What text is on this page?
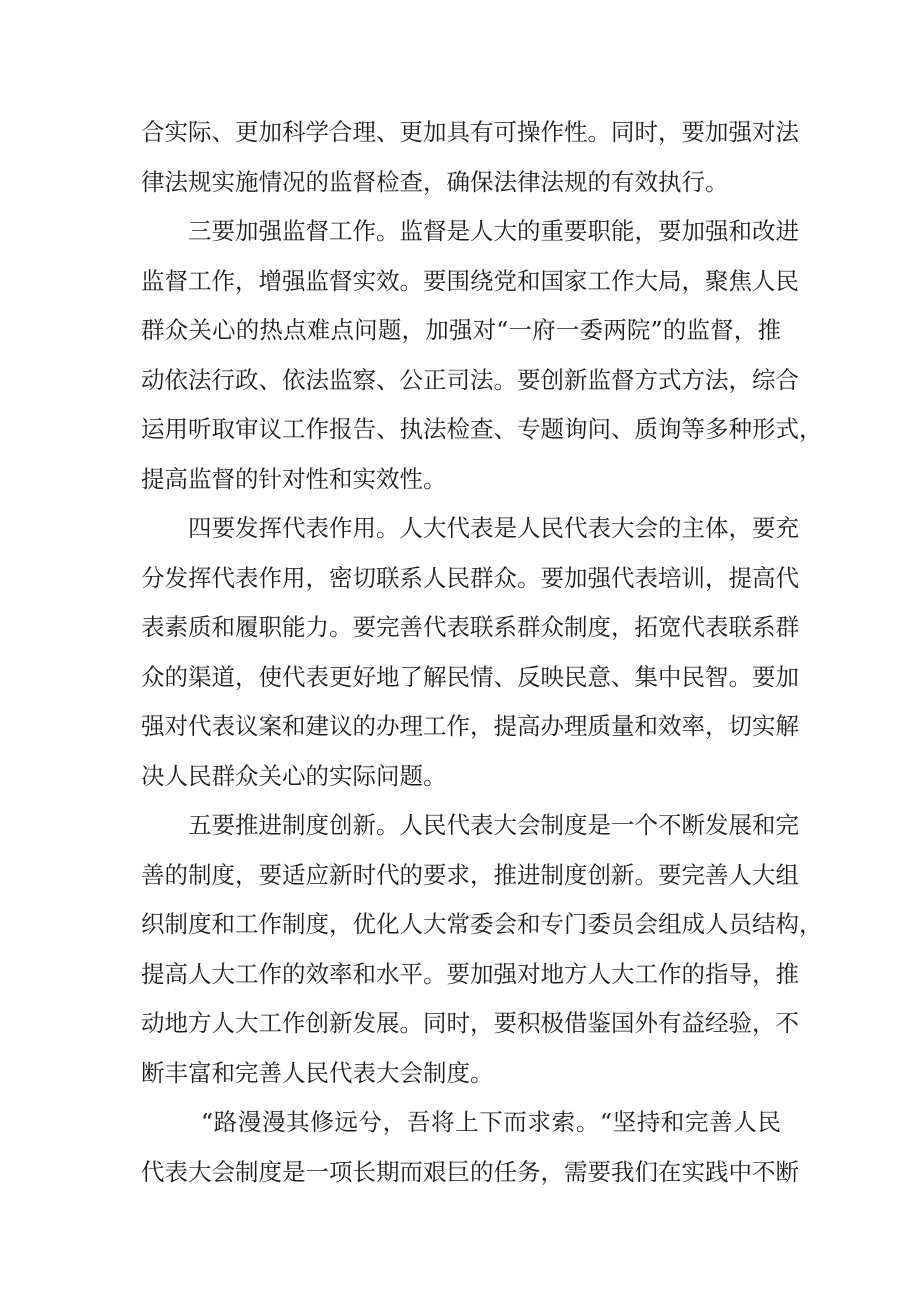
合实际、更加科学合理、更加具有可操作性。同时，要加强对法
律法规实施情况的监督检查，确保法律法规的有效执行。
三要加强监督工作。监督是人大的重要职能，要加强和改进
监督工作，增强监督实效。要围绕党和国家工作大局，聚焦人民
群众关心的热点难点问题，加强对“一府一委两院”的监督，推
动依法行政、依法监察、公正司法。要创新监督方式方法，综合
运用听取审议工作报告、执法检查、专题询问、质询等多种形式，
提高监督的针对性和实效性。
四要发挥代表作用。人大代表是人民代表大会的主体，要充
分发挥代表作用，密切联系人民群众。要加强代表培训，提高代
表素质和履职能力。要完善代表联系群众制度，拓宽代表联系群
众的渠道，使代表更好地了解民情、反映民意、集中民智。要加
强对代表议案和建议的办理工作，提高办理质量和效率，切实解
决人民群众关心的实际问题。
五要推进制度创新。人民代表大会制度是一个不断发展和完
善的制度，要适应新时代的要求，推进制度创新。要完善人大组
织制度和工作制度，优化人大常委会和专门委员会组成人员结构，
提高人大工作的效率和水平。要加强对地方人大工作的指导，推
动地方人大工作创新发展。同时，要积极借鉴国外有益经验，不
断丰富和完善人民代表大会制度。
“路漫漫其修远兮，吾将上下而求索。“坚持和完善人民
代表大会制度是一项长期而艰巨的任务，需要我们在实践中不断
